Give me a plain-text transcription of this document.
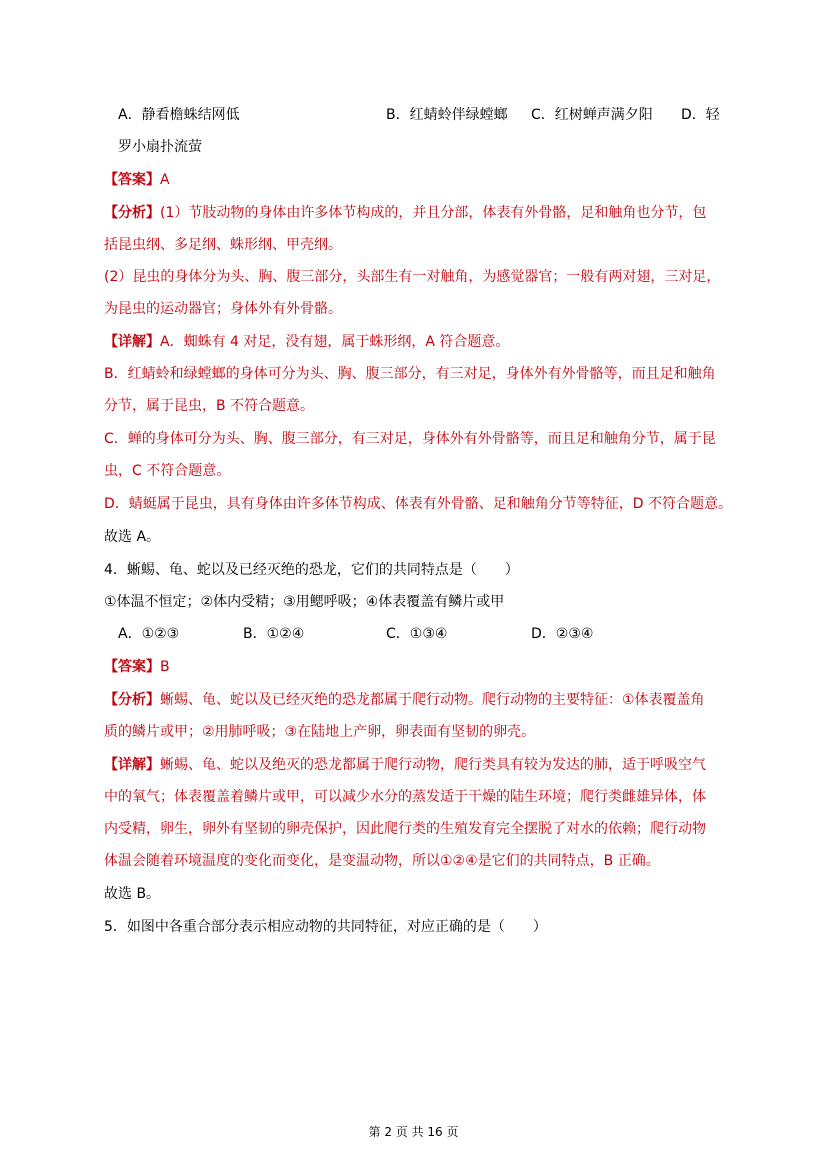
A．静看檐蛛结网低	B．红蜻蛉伴绿螳螂 C．红树蝉声满夕阳 D．轻
罗小扇扑流萤
【答案】A
【分析】(1）节肢动物的身体由许多体节构成的，并且分部，体表有外骨骼，足和触角也分节，包
括昆虫纲、多足纲、蛛形纲、甲壳纲。
(2）昆虫的身体分为头、胸、腹三部分，头部生有一对触角，为感觉器官；一般有两对翅，三对足，
为昆虫的运动器官；身体外有外骨骼。
【详解】A．蜘蛛有 4 对足，没有翅，属于蛛形纲，A 符合题意。
B．红蜻蛉和绿螳螂的身体可分为头、胸、腹三部分，有三对足，身体外有外骨骼等，而且足和触角
分节，属于昆虫，B 不符合题意。
C．蝉的身体可分为头、胸、腹三部分，有三对足，身体外有外骨骼等，而且足和触角分节，属于昆
虫，C 不符合题意。
D．蜻蜓属于昆虫，具有身体由许多体节构成、体表有外骨骼、足和触角分节等特征，D 不符合题意。
故选 A。
4．蜥蜴、龟、蛇以及已经灭绝的恐龙，它们的共同特点是（　　）
①体温不恒定；②体内受精；③用鳃呼吸；④体表覆盖有鳞片或甲
A．①②③	B．①②④	C．①③④	D．②③④
【答案】B
【分析】蜥蜴、龟、蛇以及已经灭绝的恐龙都属于爬行动物。爬行动物的主要特征：①体表覆盖角
质的鳞片或甲；②用肺呼吸；③在陆地上产卵，卵表面有坚韧的卵壳。
【详解】蜥蜴、龟、蛇以及绝灭的恐龙都属于爬行动物，爬行类具有较为发达的肺，适于呼吸空气
中的氧气；体表覆盖着鳞片或甲，可以减少水分的蒸发适于干燥的陆生环境；爬行类雌雄异体，体
内受精，卵生，卵外有坚韧的卵壳保护，因此爬行类的生殖发育完全摆脱了对水的依赖；爬行动物
体温会随着环境温度的变化而变化，是变温动物，所以①②④是它们的共同特点，B 正确。
故选 B。
5．如图中各重合部分表示相应动物的共同特征，对应正确的是（　　）
第 2 页 共 16 页
